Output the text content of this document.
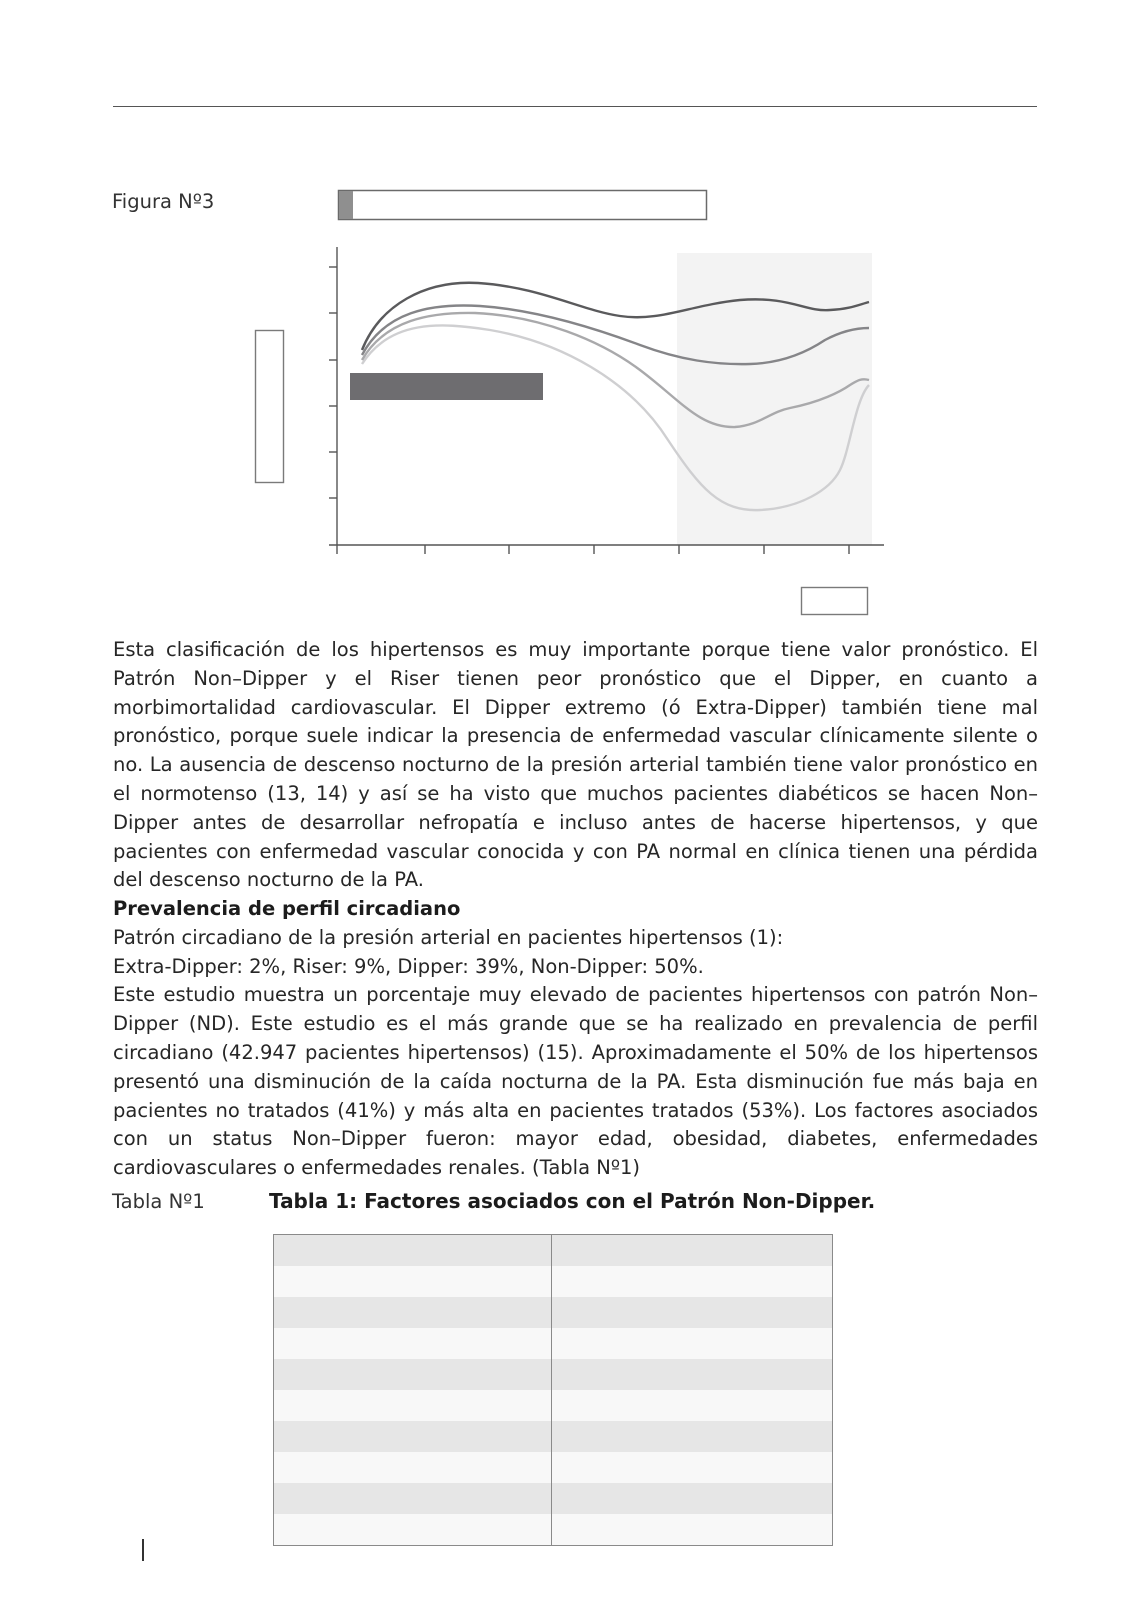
Figura Nº3
Esta clasificación de los hipertensos es muy importante porque tiene valor pronóstico. El Patrón Non–Dipper y el Riser tienen peor pronóstico que el Dipper, en cuanto a morbimortalidad cardiovascular. El Dipper extremo (ó Extra-Dipper) también tiene mal pronóstico, porque suele indicar la presencia de enfermedad vascular clínicamente silente o no. La ausencia de descenso nocturno de la presión arterial también tiene valor pronóstico en el normotenso (13, 14) y así se ha visto que muchos pacientes diabéticos se hacen Non–Dipper antes de desarrollar nefropatía e incluso antes de hacerse hipertensos, y que pacientes con enfermedad vascular conocida y con PA normal en clínica tienen una pérdida del descenso nocturno de la PA.

Prevalencia de perfil circadiano

Patrón circadiano de la presión arterial en pacientes hipertensos (1):

Extra-Dipper: 2%, Riser: 9%, Dipper: 39%, Non-Dipper: 50%.

Este estudio muestra un porcentaje muy elevado de pacientes hipertensos con patrón Non–Dipper (ND). Este estudio es el más grande que se ha realizado en prevalencia de perfil circadiano (42.947 pacientes hipertensos) (15). Aproximadamente el 50% de los hipertensos presentó una disminución de la caída nocturna de la PA. Esta disminución fue más baja en pacientes no tratados (41%) y más alta en pacientes tratados (53%). Los factores asociados con un status Non–Dipper fueron: mayor edad, obesidad, diabetes, enfermedades cardiovasculares o enfermedades renales. (Tabla Nº1)

Tabla Nº1	Tabla 1: Factores asociados con el Patrón Non-Dipper.
